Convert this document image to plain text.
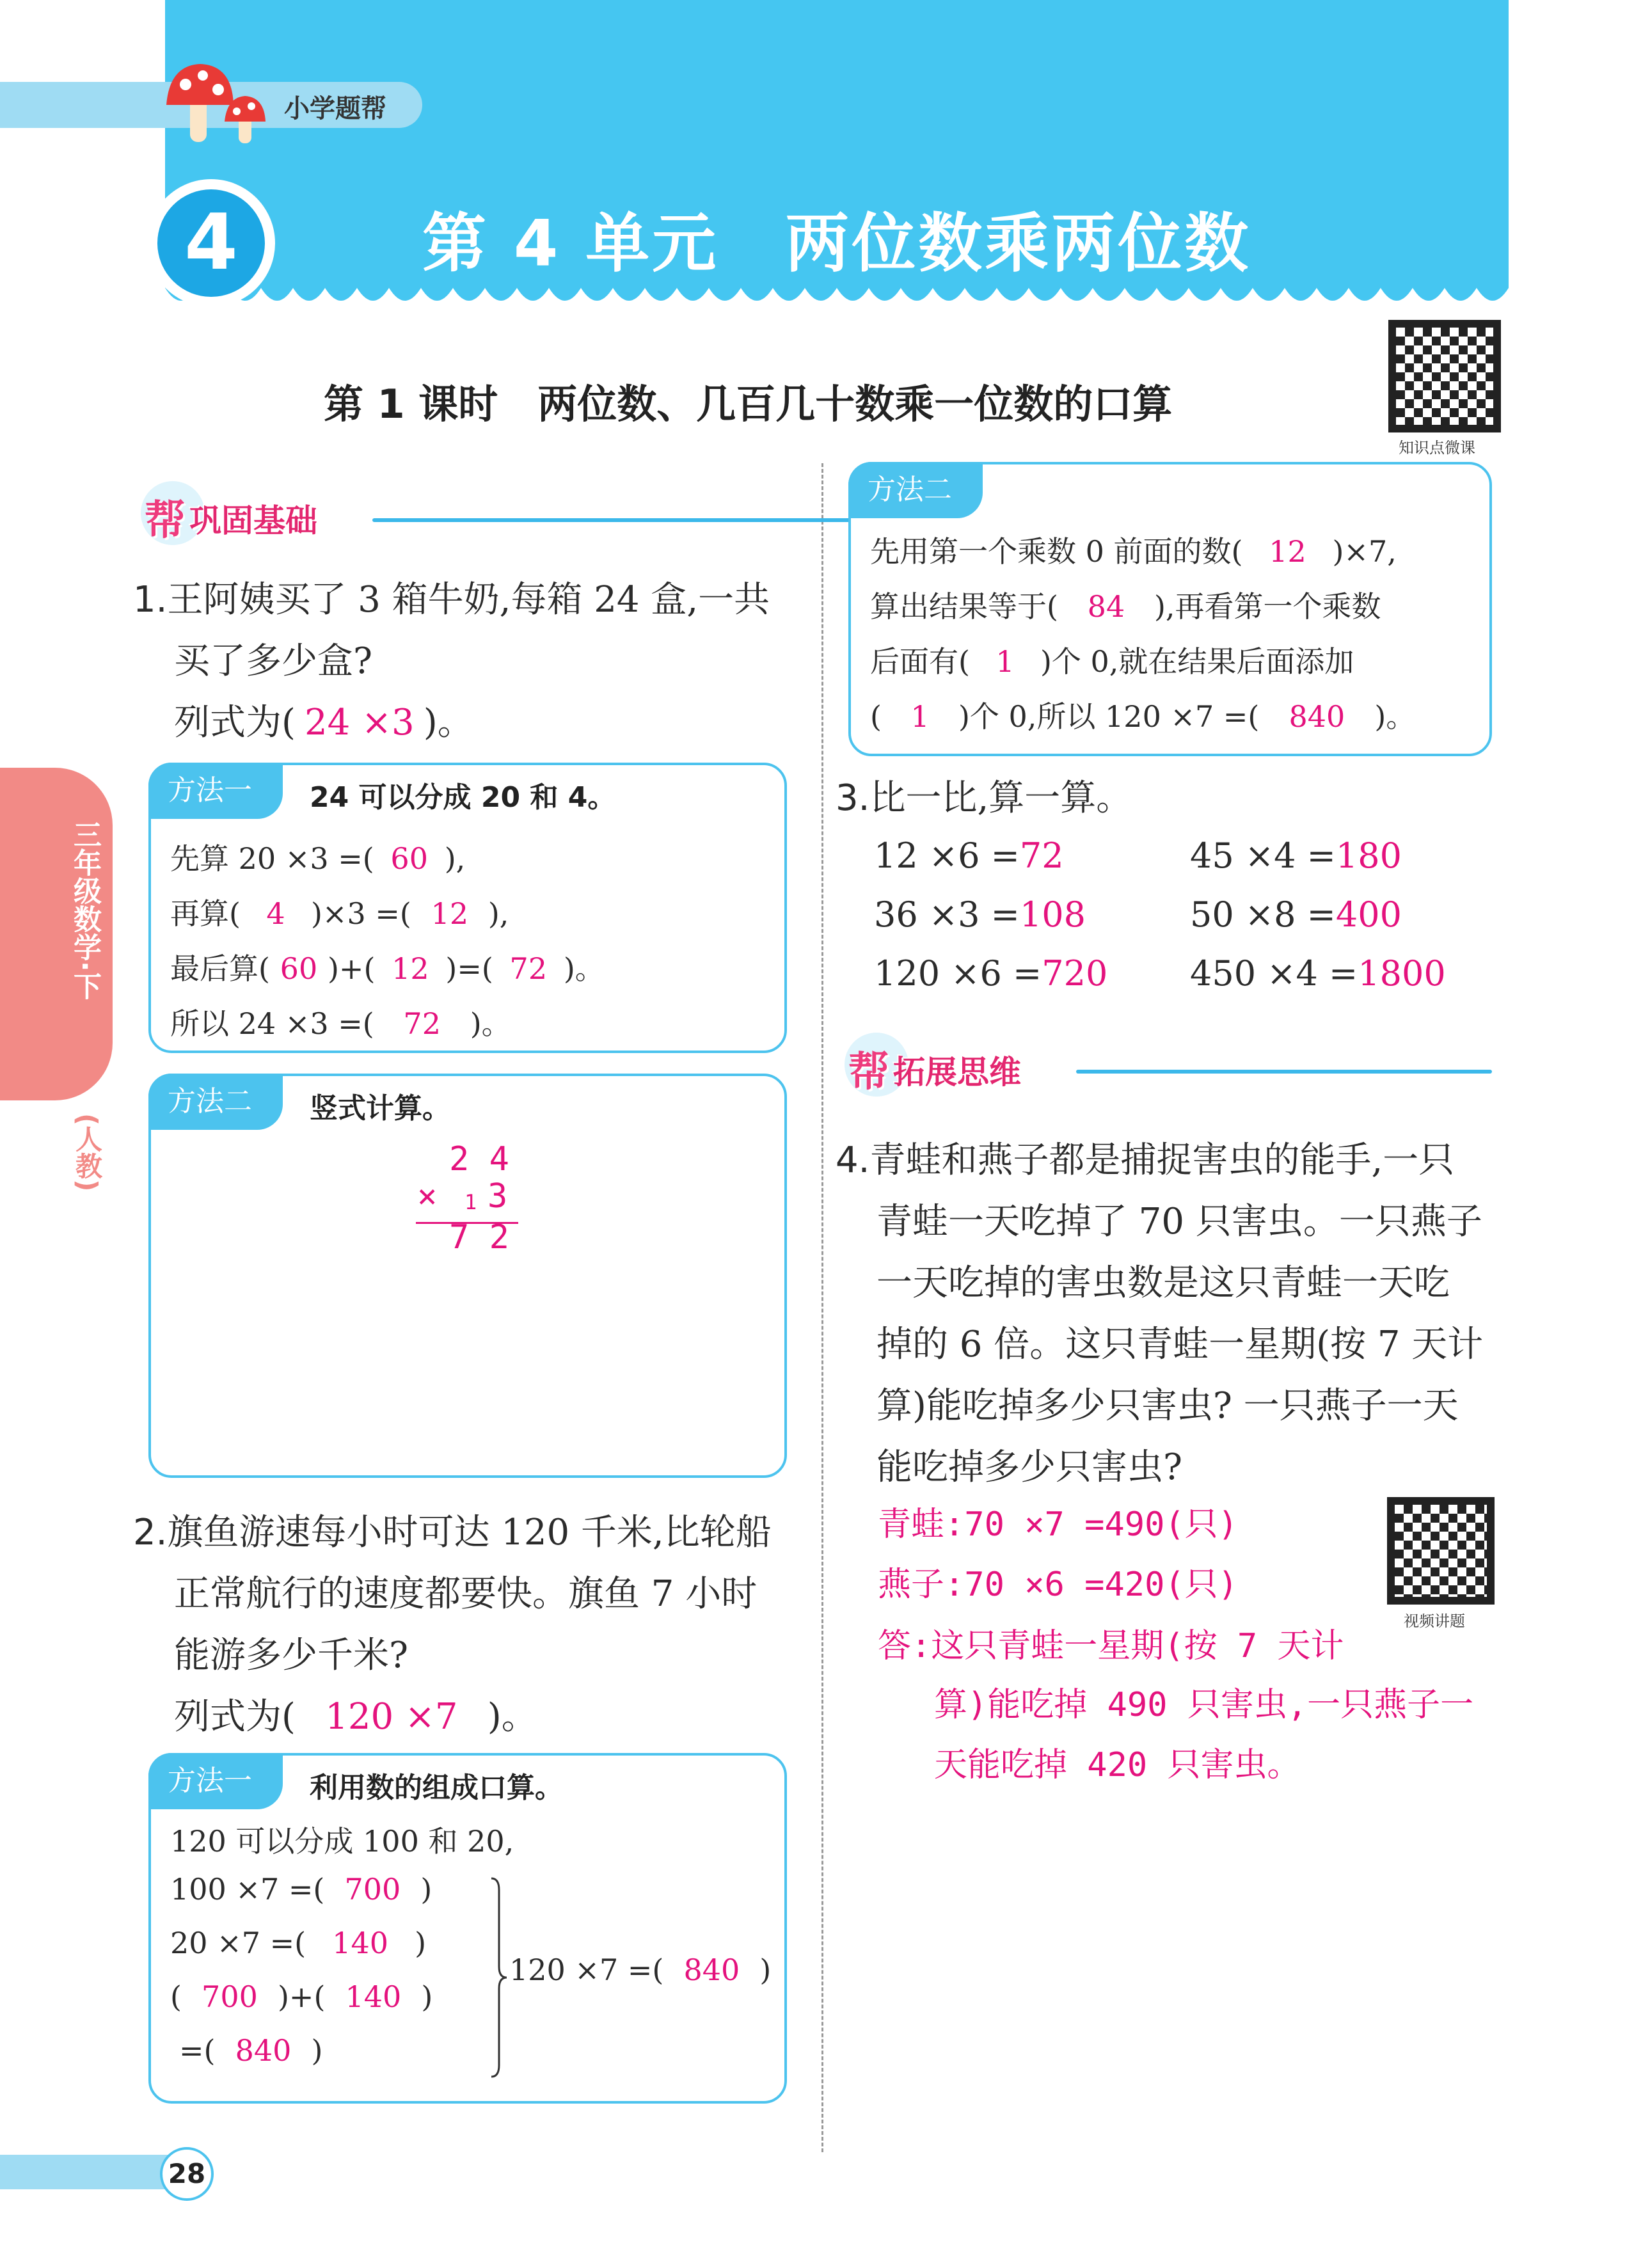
小学题帮
4	第 4 单元　两位数乘两位数
第 1 课时　两位数、几百几十数乘一位数的口算
知识点微课
三年级数学·下
(人教)
帮 巩固基础
1.王阿姨买了 3 箱牛奶,每箱 24 盒,一共
买了多少盒?
列式为( 24 ×3 )。
方法一	24 可以分成 20 和 4。
先算 20 ×3 =( 60 ),
再算( 4 )×3 =( 12 ),
最后算( 60 )+( 12 )=( 72 )。
所以 24 ×3 =( 72 )。
方法二	竖式计算。
2 4
× 1 3
7 2
2.旗鱼游速每小时可达 120 千米,比轮船
正常航行的速度都要快。旗鱼 7 小时
能游多少千米?
列式为( 120 ×7 )。
方法一	利用数的组成口算。
120 可以分成 100 和 20,
100 ×7 =( 700 )
20 ×7 =( 140 )
( 700 )+( 140 )
=( 840 )
120 ×7 =( 840 )
方法二
先用第一个乘数 0 前面的数( 12 )×7,
算出结果等于( 84 ),再看第一个乘数
后面有( 1 )个 0,就在结果后面添加
( 1 )个 0,所以 120 ×7 =( 840 )。
3.比一比,算一算。
12 ×6 =72	45 ×4 =180
36 ×3 =108	50 ×8 =400
120 ×6 =720 450 ×4 =1800
帮 拓展思维
4.青蛙和燕子都是捕捉害虫的能手,一只
青蛙一天吃掉了 70 只害虫。一只燕子
一天吃掉的害虫数是这只青蛙一天吃
掉的 6 倍。这只青蛙一星期(按 7 天计
算)能吃掉多少只害虫? 一只燕子一天
能吃掉多少只害虫?
青蛙:70 ×7 =490(只)
燕子:70 ×6 =420(只)
答:这只青蛙一星期(按 7 天计
算)能吃掉 490 只害虫,一只燕子一
天能吃掉 420 只害虫。
视频讲题
28
